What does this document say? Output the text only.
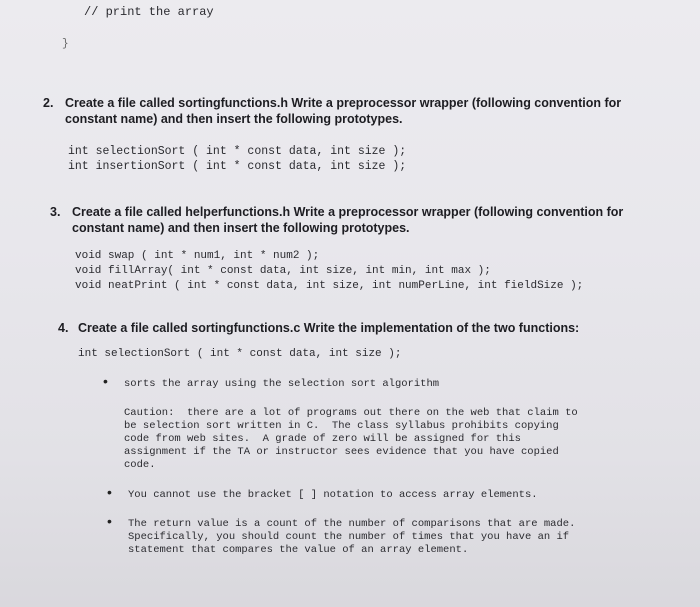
// print the array
}
2. Create a file called sortingfunctions.h Write a preprocessor wrapper (following convention for constant name) and then insert the following prototypes.
int selectionSort ( int * const data, int size );
int insertionSort ( int * const data, int size );
3. Create a file called helperfunctions.h Write a preprocessor wrapper (following convention for constant name) and then insert the following prototypes.
void swap ( int * num1, int * num2 );
void fillArray( int * const data, int size, int min, int max );
void neatPrint ( int * const data, int size, int numPerLine, int fieldSize );
4. Create a file called sortingfunctions.c Write the implementation of the two functions:
int selectionSort ( int * const data, int size );
• sorts the array using the selection sort algorithm
Caution:  there are a lot of programs out there on the web that claim to
be selection sort written in C.  The class syllabus prohibits copying
code from web sites.  A grade of zero will be assigned for this
assignment if the TA or instructor sees evidence that you have copied
code.
• You cannot use the bracket [ ] notation to access array elements.
• The return value is a count of the number of comparisons that are made.
Specifically, you should count the number of times that you have an if
statement that compares the value of an array element.
